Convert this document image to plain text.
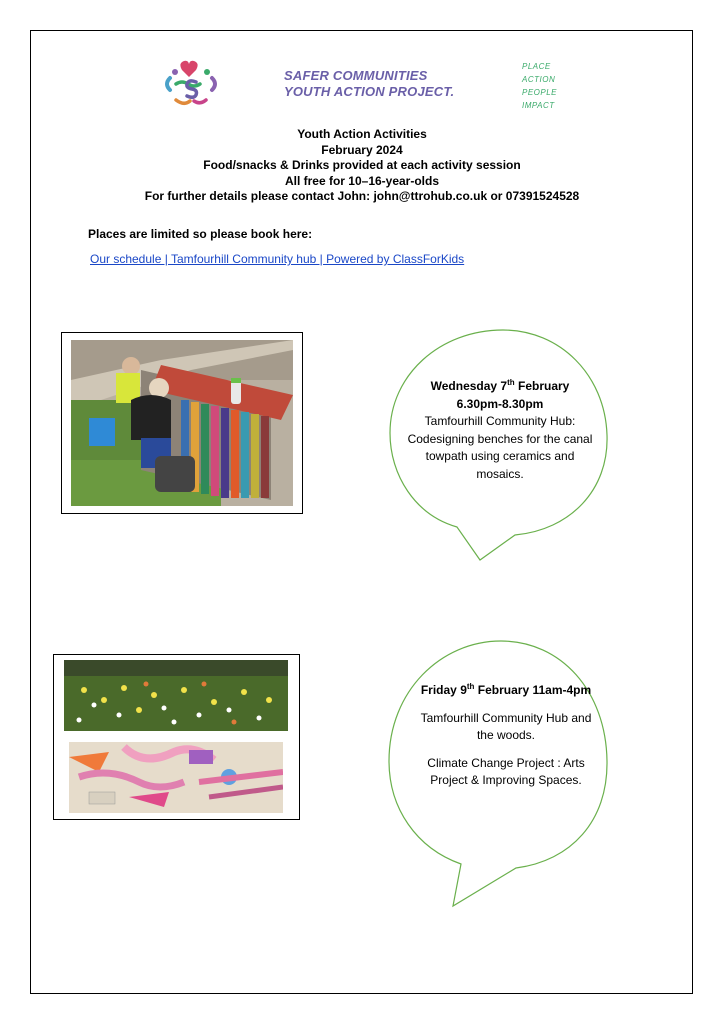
SAFER COMMUNITIES
YOUTH ACTION PROJECT.
PLACE
ACTION
PEOPLE
IMPACT
Youth Action Activities
February 2024
Food/snacks & Drinks provided at each activity session
All free for 10–16-year-olds
For further details please contact John: john@ttrohub.co.uk or 07391524528
Places are limited so please book here:
Our schedule | Tamfourhill Community hub | Powered by ClassForKids
Wednesday 7th February
6.30pm-8.30pm
Tamfourhill Community Hub: Codesigning benches for the canal towpath using ceramics and mosaics.
Friday 9th February 11am-4pm
Tamfourhill Community Hub and the woods.
Climate Change Project : Arts Project & Improving Spaces.
